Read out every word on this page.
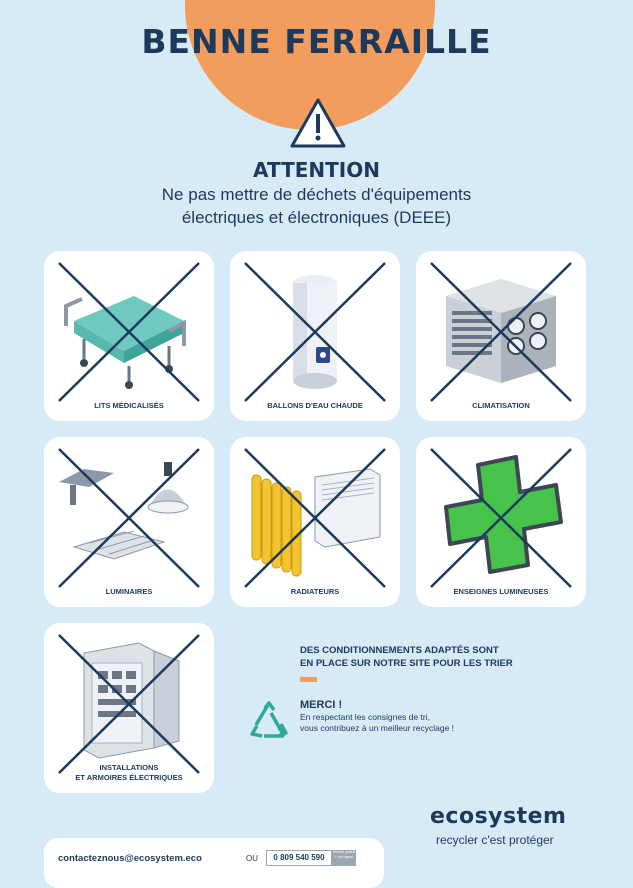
BENNE FERRAILLE
ATTENTION
Ne pas mettre de déchets d'équipements
électriques et électroniques (DEEE)
LITS MÉDICALISÉS	BALLONS D'EAU CHAUDE	CLIMATISATION
LUMINAIRES	RADIATEURS	ENSEIGNES LUMINEUSES
INSTALLATIONS
ET ARMOIRES ÉLECTRIQUES
DES CONDITIONNEMENTS ADAPTÉS SONT
EN PLACE SUR NOTRE SITE POUR LES TRIER
MERCI !
En respectant les consignes de tri,
vous contribuez à un meilleur recyclage !
ecosystem
recycler c'est protéger
contacteznous@ecosystem.eco	OU	0 809 540 590
Service gratuit + prix appel
